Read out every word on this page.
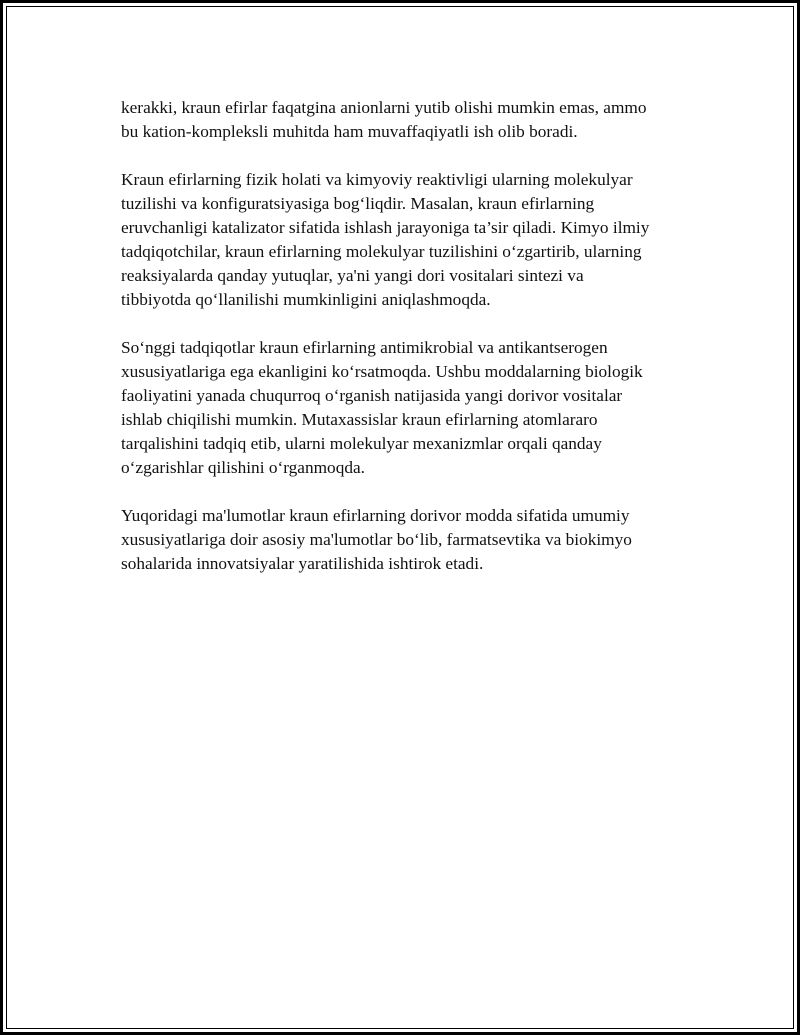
kerakki, kraun efirlar faqatgina anionlarni yutib olishi mumkin emas, ammo
bu kation-kompleksli muhitda ham muvaffaqiyatli ish olib boradi.

Kraun efirlarning fizik holati va kimyoviy reaktivligi ularning molekulyar
tuzilishi va konfiguratsiyasiga bog‘liqdir. Masalan, kraun efirlarning
eruvchanligi katalizator sifatida ishlash jarayoniga ta’sir qiladi. Kimyo ilmiy
tadqiqotchilar, kraun efirlarning molekulyar tuzilishini o‘zgartirib, ularning
reaksiyalarda qanday yutuqlar, ya'ni yangi dori vositalari sintezi va
tibbiyotda qo‘llanilishi mumkinligini aniqlashmoqda.

So‘nggi tadqiqotlar kraun efirlarning antimikrobial va antikantserogen
xususiyatlariga ega ekanligini ko‘rsatmoqda. Ushbu moddalarning biologik
faoliyatini yanada chuqurroq o‘rganish natijasida yangi dorivor vositalar
ishlab chiqilishi mumkin. Mutaxassislar kraun efirlarning atomlararo
tarqalishini tadqiq etib, ularni molekulyar mexanizmlar orqali qanday
o‘zgarishlar qilishini o‘rganmoqda.

Yuqoridagi ma'lumotlar kraun efirlarning dorivor modda sifatida umumiy
xususiyatlariga doir asosiy ma'lumotlar bo‘lib, farmatsevtika va biokimyo
sohalarida innovatsiyalar yaratilishida ishtirok etadi.
